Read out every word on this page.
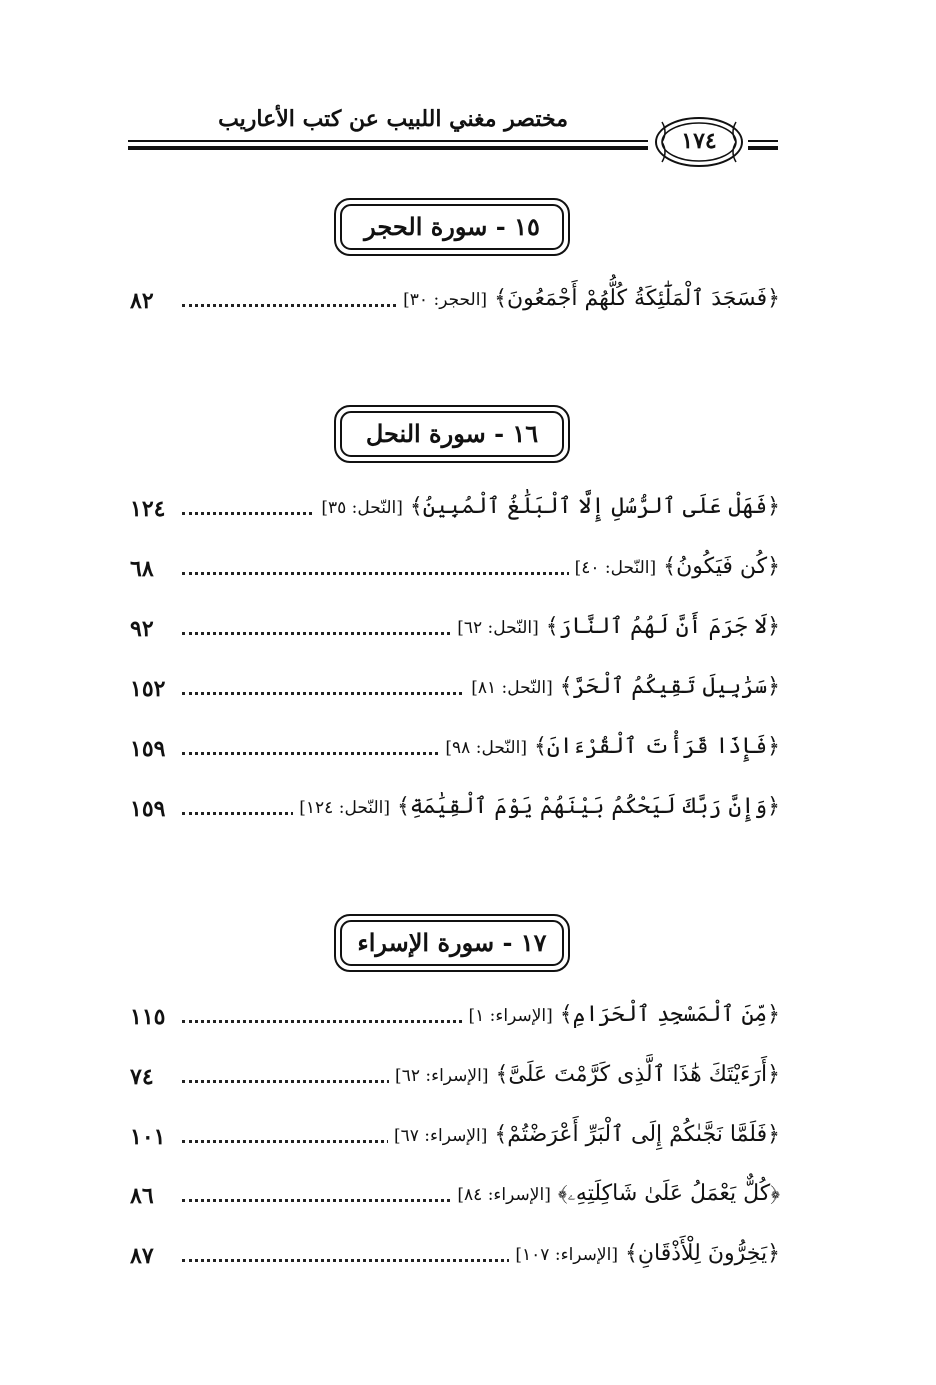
مختصر مغني اللبيب عن كتب الأعاريب
١٧٤
١٥ - سورة الحجر
٨٢	﴿فَسَجَدَ ٱلْمَلَٰٓئِكَةُ كُلُّهُمْ أَجْمَعُونَ﴾ [الحجر: ٣٠]
١٦ - سورة النحل
١٢٤	﴿فَهَلْ عَلَى ٱلرُّسُلِ إِلَّا ٱلْبَلَٰغُ ٱلْمُبِينُ﴾ [النّحل: ٣٥]
٦٨	﴿كُن فَيَكُونُ﴾ [النّحل: ٤٠]
٩٢	﴿لَا جَرَمَ أَنَّ لَهُمُ ٱلنَّارَ﴾ [النّحل: ٦٢]
١٥٢	﴿سَرَٰبِيلَ تَقِيكُمُ ٱلْحَرَّ﴾ [النّحل: ٨١]
١٥٩	﴿فَإِذَا قَرَأْتَ ٱلْقُرْءَانَ﴾ [النّحل: ٩٨]
١٥٩	﴿وَإِنَّ رَبَّكَ لَيَحْكُمُ بَيْنَهُمْ يَوْمَ ٱلْقِيَٰمَةِ﴾ [النّحل: ١٢٤]
١٧ - سورة الإسراء
١١٥	﴿مِّنَ ٱلْمَسْجِدِ ٱلْحَرَامِ﴾ [الإسراء: ١]
٧٤	﴿أَرَءَيْتَكَ هَٰذَا ٱلَّذِى كَرَّمْتَ عَلَىَّ﴾ [الإسراء: ٦٢]
١٠١	﴿فَلَمَّا نَجَّىٰكُمْ إِلَى ٱلْبَرِّ أَعْرَضْتُمْ﴾ [الإسراء: ٦٧]
٨٦	﴿كُلٌّ يَعْمَلُ عَلَىٰ شَاكِلَتِهِۦ﴾ [الإسراء: ٨٤]
٨٧	﴿يَخِرُّونَ لِلْأَذْقَانِ﴾ [الإسراء: ١٠٧]
